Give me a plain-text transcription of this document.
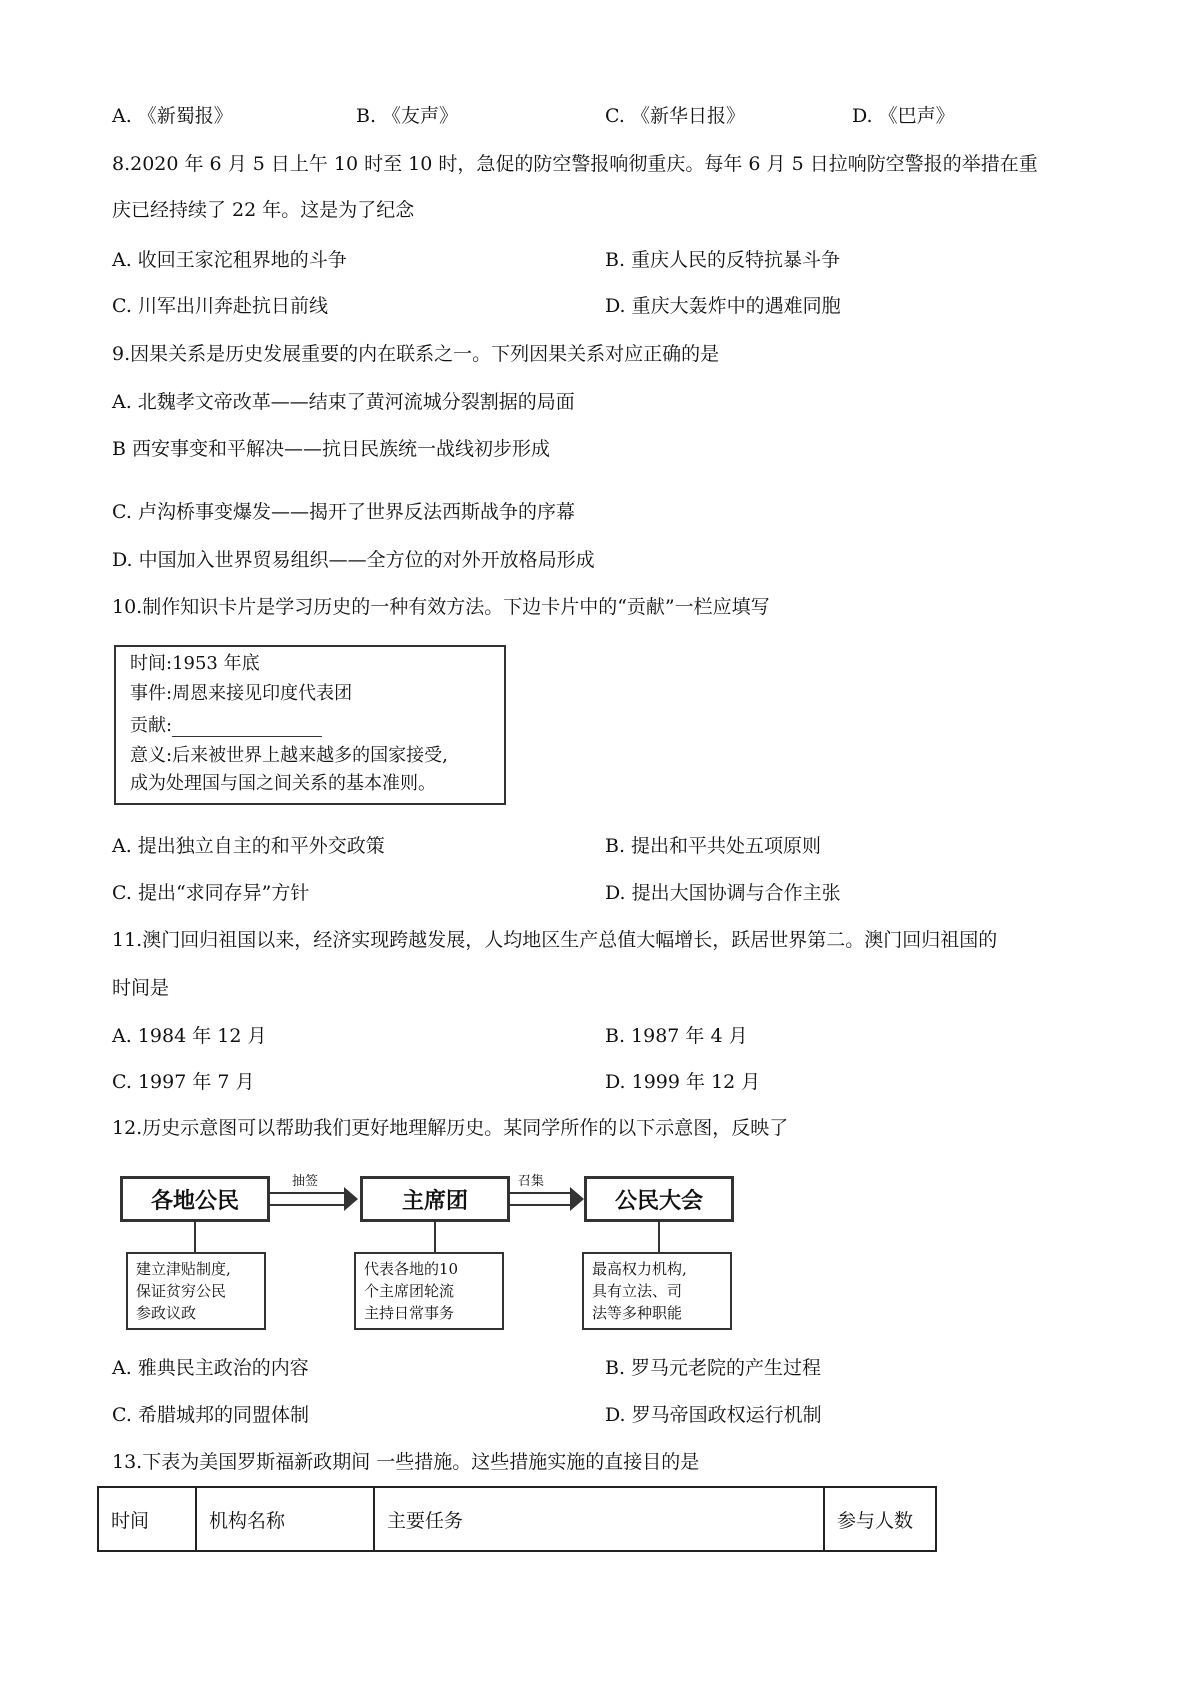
A. 《新蜀报》	B. 《友声》	C. 《新华日报》	D. 《巴声》
8.2020 年 6 月 5 日上午 10 时至 10 时，急促的防空警报响彻重庆。每年 6 月 5 日拉响防空警报的举措在重
庆已经持续了 22 年。这是为了纪念
A. 收回王家沱租界地的斗争	B. 重庆人民的反特抗暴斗争
C. 川军出川奔赴抗日前线	D. 重庆大轰炸中的遇难同胞
9.因果关系是历史发展重要的内在联系之一。下列因果关系对应正确的是
A. 北魏孝文帝改革——结束了黄河流城分裂割据的局面
B 西安事变和平解决——抗日民族统一战线初步形成
C. 卢沟桥事变爆发——揭开了世界反法西斯战争的序幕
D. 中国加入世界贸易组织——全方位的对外开放格局形成
10.制作知识卡片是学习历史的一种有效方法。下边卡片中的“贡献”一栏应填写
时间:1953 年底
事件:周恩来接见印度代表团
贡献:
意义:后来被世界上越来越多的国家接受,
成为处理国与国之间关系的基本准则。
A. 提出独立自主的和平外交政策	B. 提出和平共处五项原则
C. 提出“求同存异”方针	D. 提出大国协调与合作主张
11.澳门回归祖国以来，经济实现跨越发展，人均地区生产总值大幅增长，跃居世界第二。澳门回归祖国的
时间是
A. 1984 年 12 月	B. 1987 年 4 月
C. 1997 年 7 月	D. 1999 年 12 月
12.历史示意图可以帮助我们更好地理解历史。某同学所作的以下示意图，反映了
各地公民
抽签
主席团
召集
公民大会
建立津贴制度,
保证贫穷公民
参政议政
代表各地的10
个主席团轮流
主持日常事务
最高权力机构,
具有立法、司
法等多种职能
A. 雅典民主政治的内容	B. 罗马元老院的产生过程
C. 希腊城邦的同盟体制	D. 罗马帝国政权运行机制
13.下表为美国罗斯福新政期间 一些措施。这些措施实施的直接目的是
时间	机构名称	主要任务	参与人数
